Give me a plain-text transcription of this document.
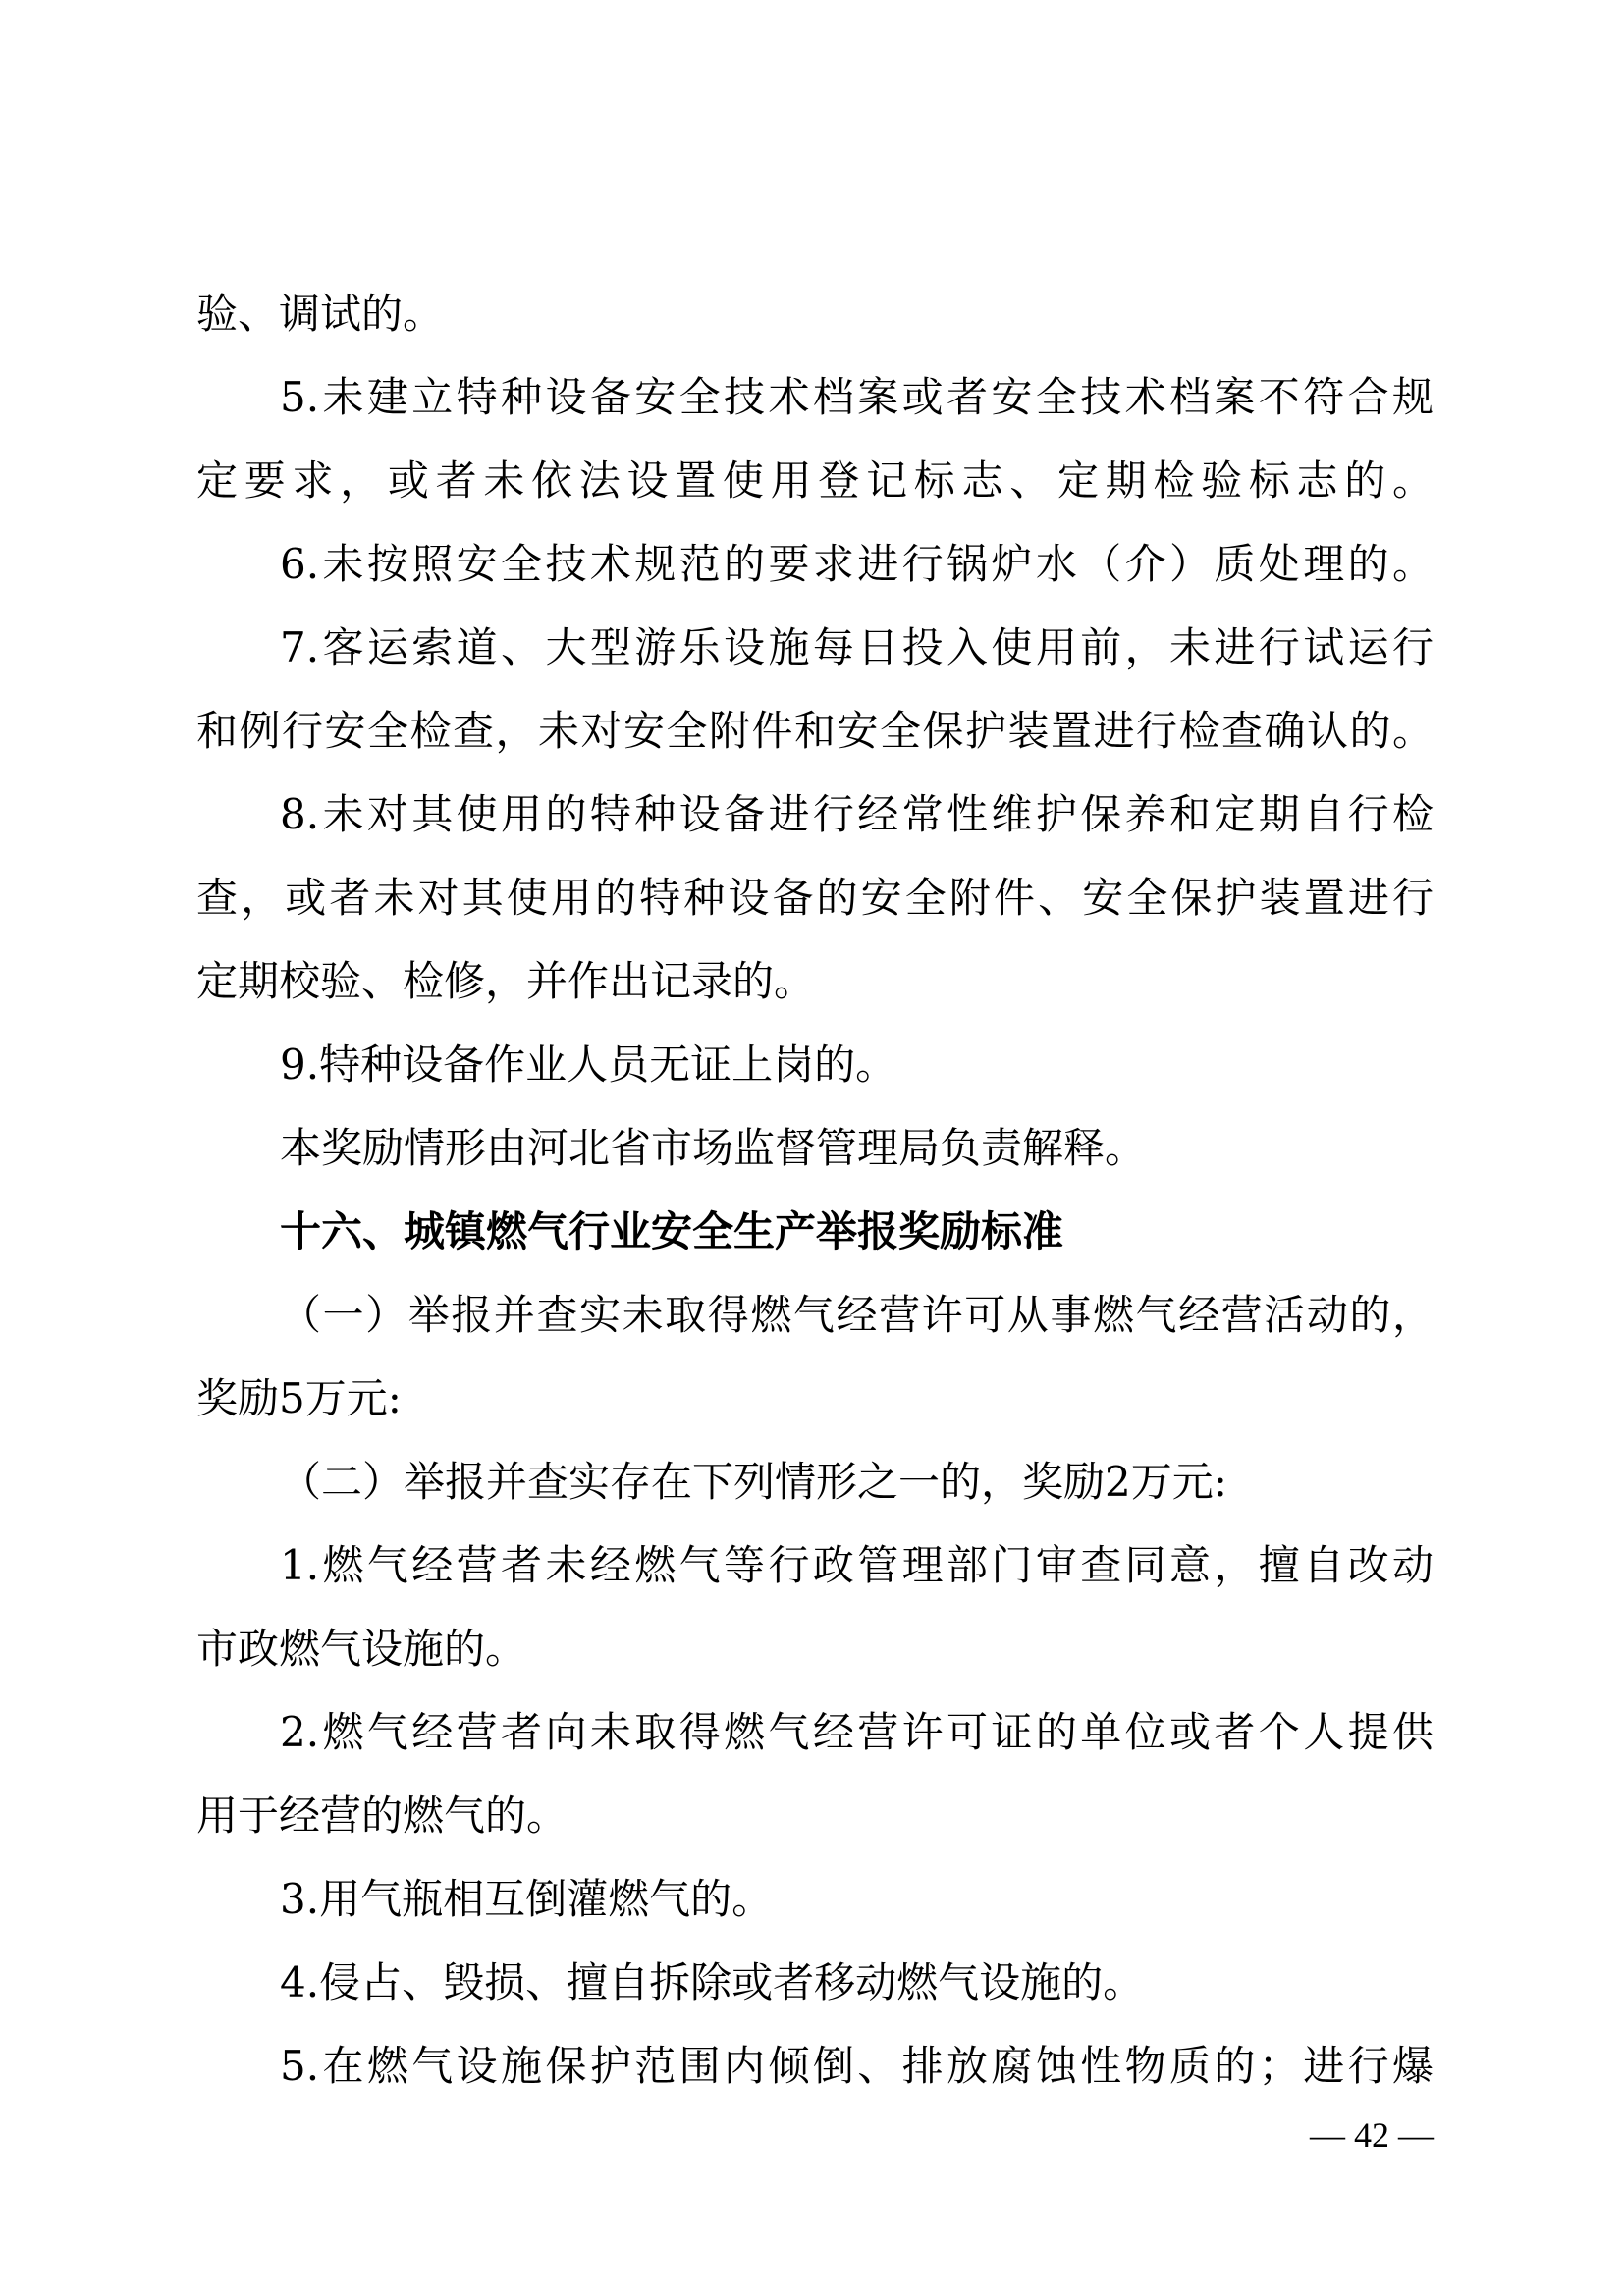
验、调试的。
5.未建立特种设备安全技术档案或者安全技术档案不符合规
定要求，或者未依法设置使用登记标志、定期检验标志的。
6.未按照安全技术规范的要求进行锅炉水（介）质处理的。
7.客运索道、大型游乐设施每日投入使用前，未进行试运行
和例行安全检查，未对安全附件和安全保护装置进行检查确认的。
8.未对其使用的特种设备进行经常性维护保养和定期自行检
查，或者未对其使用的特种设备的安全附件、安全保护装置进行
定期校验、检修，并作出记录的。
9.特种设备作业人员无证上岗的。
本奖励情形由河北省市场监督管理局负责解释。
十六、城镇燃气行业安全生产举报奖励标准
（一）举报并查实未取得燃气经营许可从事燃气经营活动的，
奖励5万元:
（二）举报并查实存在下列情形之一的，奖励2万元:
1.燃气经营者未经燃气等行政管理部门审查同意，擅自改动
市政燃气设施的。
2.燃气经营者向未取得燃气经营许可证的单位或者个人提供
用于经营的燃气的。
3.用气瓶相互倒灌燃气的。
4.侵占、毁损、擅自拆除或者移动燃气设施的。
5.在燃气设施保护范围内倾倒、排放腐蚀性物质的；进行爆
— 42 —
